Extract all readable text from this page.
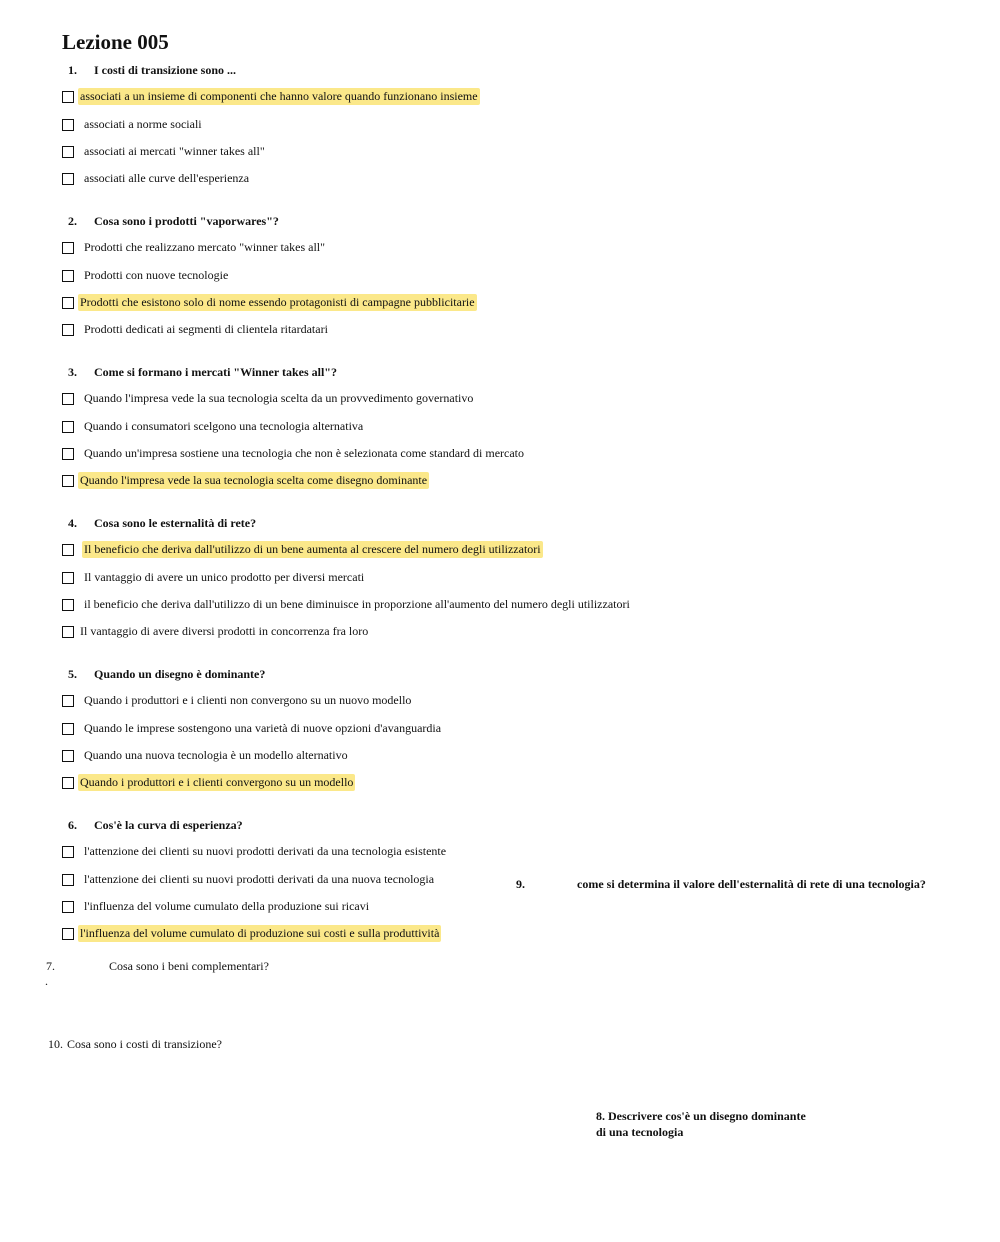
Lezione 005
1. I costi di transizione sono ...
associati a un insieme di componenti che hanno valore quando funzionano insieme
associati a norme sociali
associati ai mercati "winner takes all"
associati alle curve dell'esperienza
2. Cosa sono i prodotti "vaporwares"?
Prodotti che realizzano mercato "winner takes all"
Prodotti con nuove tecnologie
Prodotti che esistono solo di nome essendo protagonisti di campagne pubblicitarie
Prodotti dedicati ai segmenti di clientela ritardatari
3. Come si formano i mercati "Winner takes all"?
Quando l'impresa vede la sua tecnologia scelta da un provvedimento governativo
Quando i consumatori scelgono una tecnologia alternativa
Quando un'impresa sostiene una tecnologia che non è selezionata come standard di mercato
Quando l'impresa vede la sua tecnologia scelta come disegno dominante
4. Cosa sono le esternalità di rete?
Il beneficio che deriva dall'utilizzo di un bene aumenta al crescere del numero degli utilizzatori
Il vantaggio di avere un unico prodotto per diversi mercati
il beneficio che deriva dall'utilizzo di un bene diminuisce in proporzione all'aumento del numero degli utilizzatori
Il vantaggio di avere diversi prodotti in concorrenza fra loro
5. Quando un disegno è dominante?
Quando i produttori e i clienti non convergono su un nuovo modello
Quando le imprese sostengono una varietà di nuove opzioni d'avanguardia
Quando una nuova tecnologia è un modello alternativo
Quando i produttori e i clienti convergono su un modello
6. Cos'è la curva di esperienza?
l'attenzione dei clienti su nuovi prodotti derivati da una tecnologia esistente
l'attenzione dei clienti su nuovi prodotti derivati da una nuova tecnologia
l'influenza del volume cumulato della produzione sui ricavi
l'influenza del volume cumulato di produzione sui costi e sulla produttività
7.	Cosa sono i beni complementari?
.
9.	come si determina il valore dell'esternalità di rete di una tecnologia?
10. Cosa sono i costi di transizione?
8. Descrivere cos'è un disegno dominante
di una tecnologia
